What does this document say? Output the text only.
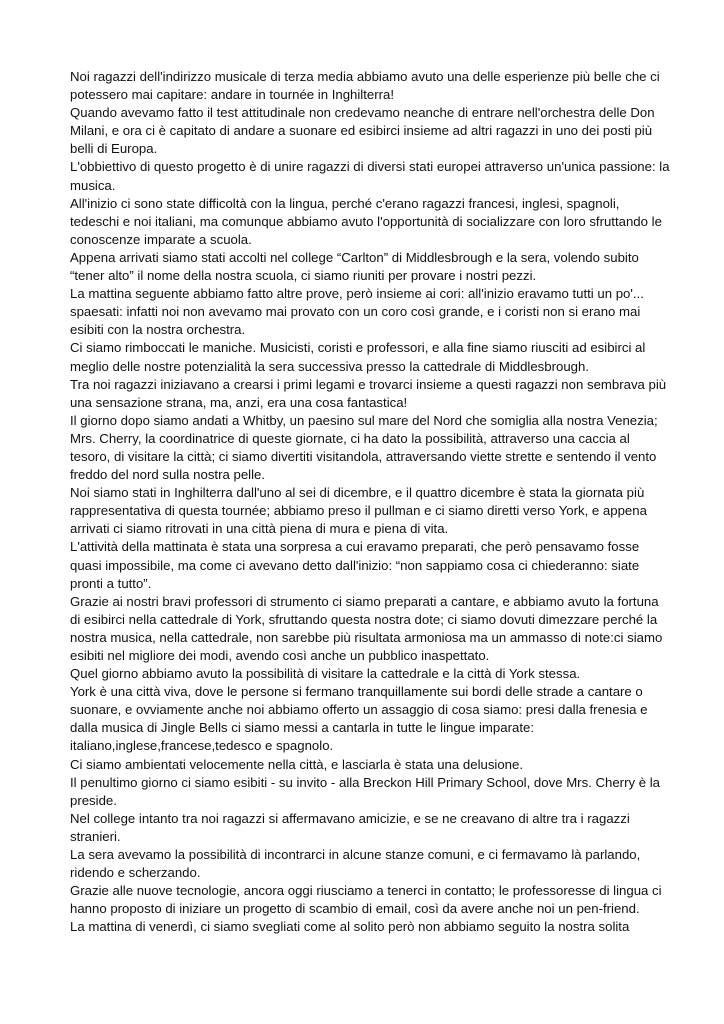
Noi ragazzi dell'indirizzo musicale di terza media abbiamo avuto una delle esperienze più belle che ci potessero mai capitare: andare in tournée in Inghilterra!

Quando avevamo fatto il test attitudinale non credevamo neanche di entrare nell'orchestra delle Don Milani, e ora ci è capitato di andare a suonare ed esibirci insieme ad altri ragazzi in uno dei posti più belli di Europa.

L'obbiettivo di questo progetto è di unire ragazzi di diversi stati europei attraverso un'unica passione: la musica.

All'inizio ci sono state difficoltà con la lingua, perché c'erano ragazzi francesi, inglesi, spagnoli, tedeschi e noi italiani, ma comunque abbiamo avuto l'opportunità di socializzare con loro sfruttando le conoscenze imparate a scuola.

Appena arrivati siamo stati accolti nel college “Carlton” di Middlesbrough e la sera, volendo subito “tener alto” il nome della nostra scuola, ci siamo riuniti per provare i nostri pezzi.

La mattina seguente abbiamo fatto altre prove, però insieme ai cori: all'inizio eravamo tutti un po'... spaesati: infatti noi non avevamo mai provato con un coro così grande, e i coristi non si erano mai esibiti con la nostra orchestra.

Ci siamo rimboccati le maniche. Musicisti, coristi e professori, e alla fine siamo riusciti ad esibirci al meglio delle nostre potenzialità la sera successiva presso la cattedrale di Middlesbrough.

Tra noi ragazzi iniziavano a crearsi i primi legami e trovarci insieme a questi ragazzi non sembrava più una sensazione strana, ma, anzi, era una cosa fantastica!

Il giorno dopo siamo andati a Whitby, un paesino sul mare del Nord che somiglia alla nostra Venezia; Mrs. Cherry, la coordinatrice di queste giornate, ci ha dato la possibilità, attraverso una caccia al tesoro, di visitare la città; ci siamo divertiti visitandola, attraversando viette strette e sentendo il vento freddo del nord sulla nostra pelle.

Noi siamo stati in Inghilterra dall'uno al sei di dicembre, e il quattro dicembre è stata la giornata più rappresentativa di questa tournée; abbiamo preso il pullman e ci siamo diretti verso York, e appena arrivati ci siamo ritrovati in una città piena di mura e piena di vita.

L'attività della mattinata è stata una sorpresa a cui eravamo preparati, che però pensavamo fosse quasi impossibile, ma come ci avevano detto dall'inizio: “non sappiamo cosa ci chiederanno: siate pronti a tutto”.

Grazie ai nostri bravi professori di strumento ci siamo preparati a cantare, e abbiamo avuto la fortuna di esibirci nella cattedrale di York, sfruttando questa nostra dote; ci siamo dovuti dimezzare perché la nostra musica, nella cattedrale, non sarebbe più risultata armoniosa ma un ammasso di note:ci siamo esibiti nel migliore dei modi, avendo così anche un pubblico inaspettato.

Quel giorno abbiamo avuto la possibilità di visitare la cattedrale e la città di York stessa.

York è una città viva, dove le persone si fermano tranquillamente sui bordi delle strade a cantare o suonare, e ovviamente anche noi abbiamo offerto un assaggio di cosa siamo: presi dalla frenesia e dalla musica di Jingle Bells ci siamo messi a cantarla in tutte le lingue imparate: italiano,inglese,francese,tedesco e spagnolo.

Ci siamo ambientati velocemente nella città, e lasciarla è stata una delusione.

Il penultimo giorno ci siamo esibiti - su invito - alla Breckon Hill Primary School, dove Mrs. Cherry è la preside.

Nel college intanto tra noi ragazzi si affermavano amicizie, e se ne creavano di altre tra i ragazzi stranieri.

La sera avevamo la possibilità di incontrarci in alcune stanze comuni, e ci fermavamo là parlando, ridendo e scherzando.

Grazie alle nuove tecnologie, ancora oggi riusciamo a tenerci in contatto; le professoresse di lingua ci hanno proposto di iniziare un progetto di scambio di email, così da avere anche noi un pen-friend.

La mattina di venerdì, ci siamo svegliati come al solito però non abbiamo seguito la nostra solita
